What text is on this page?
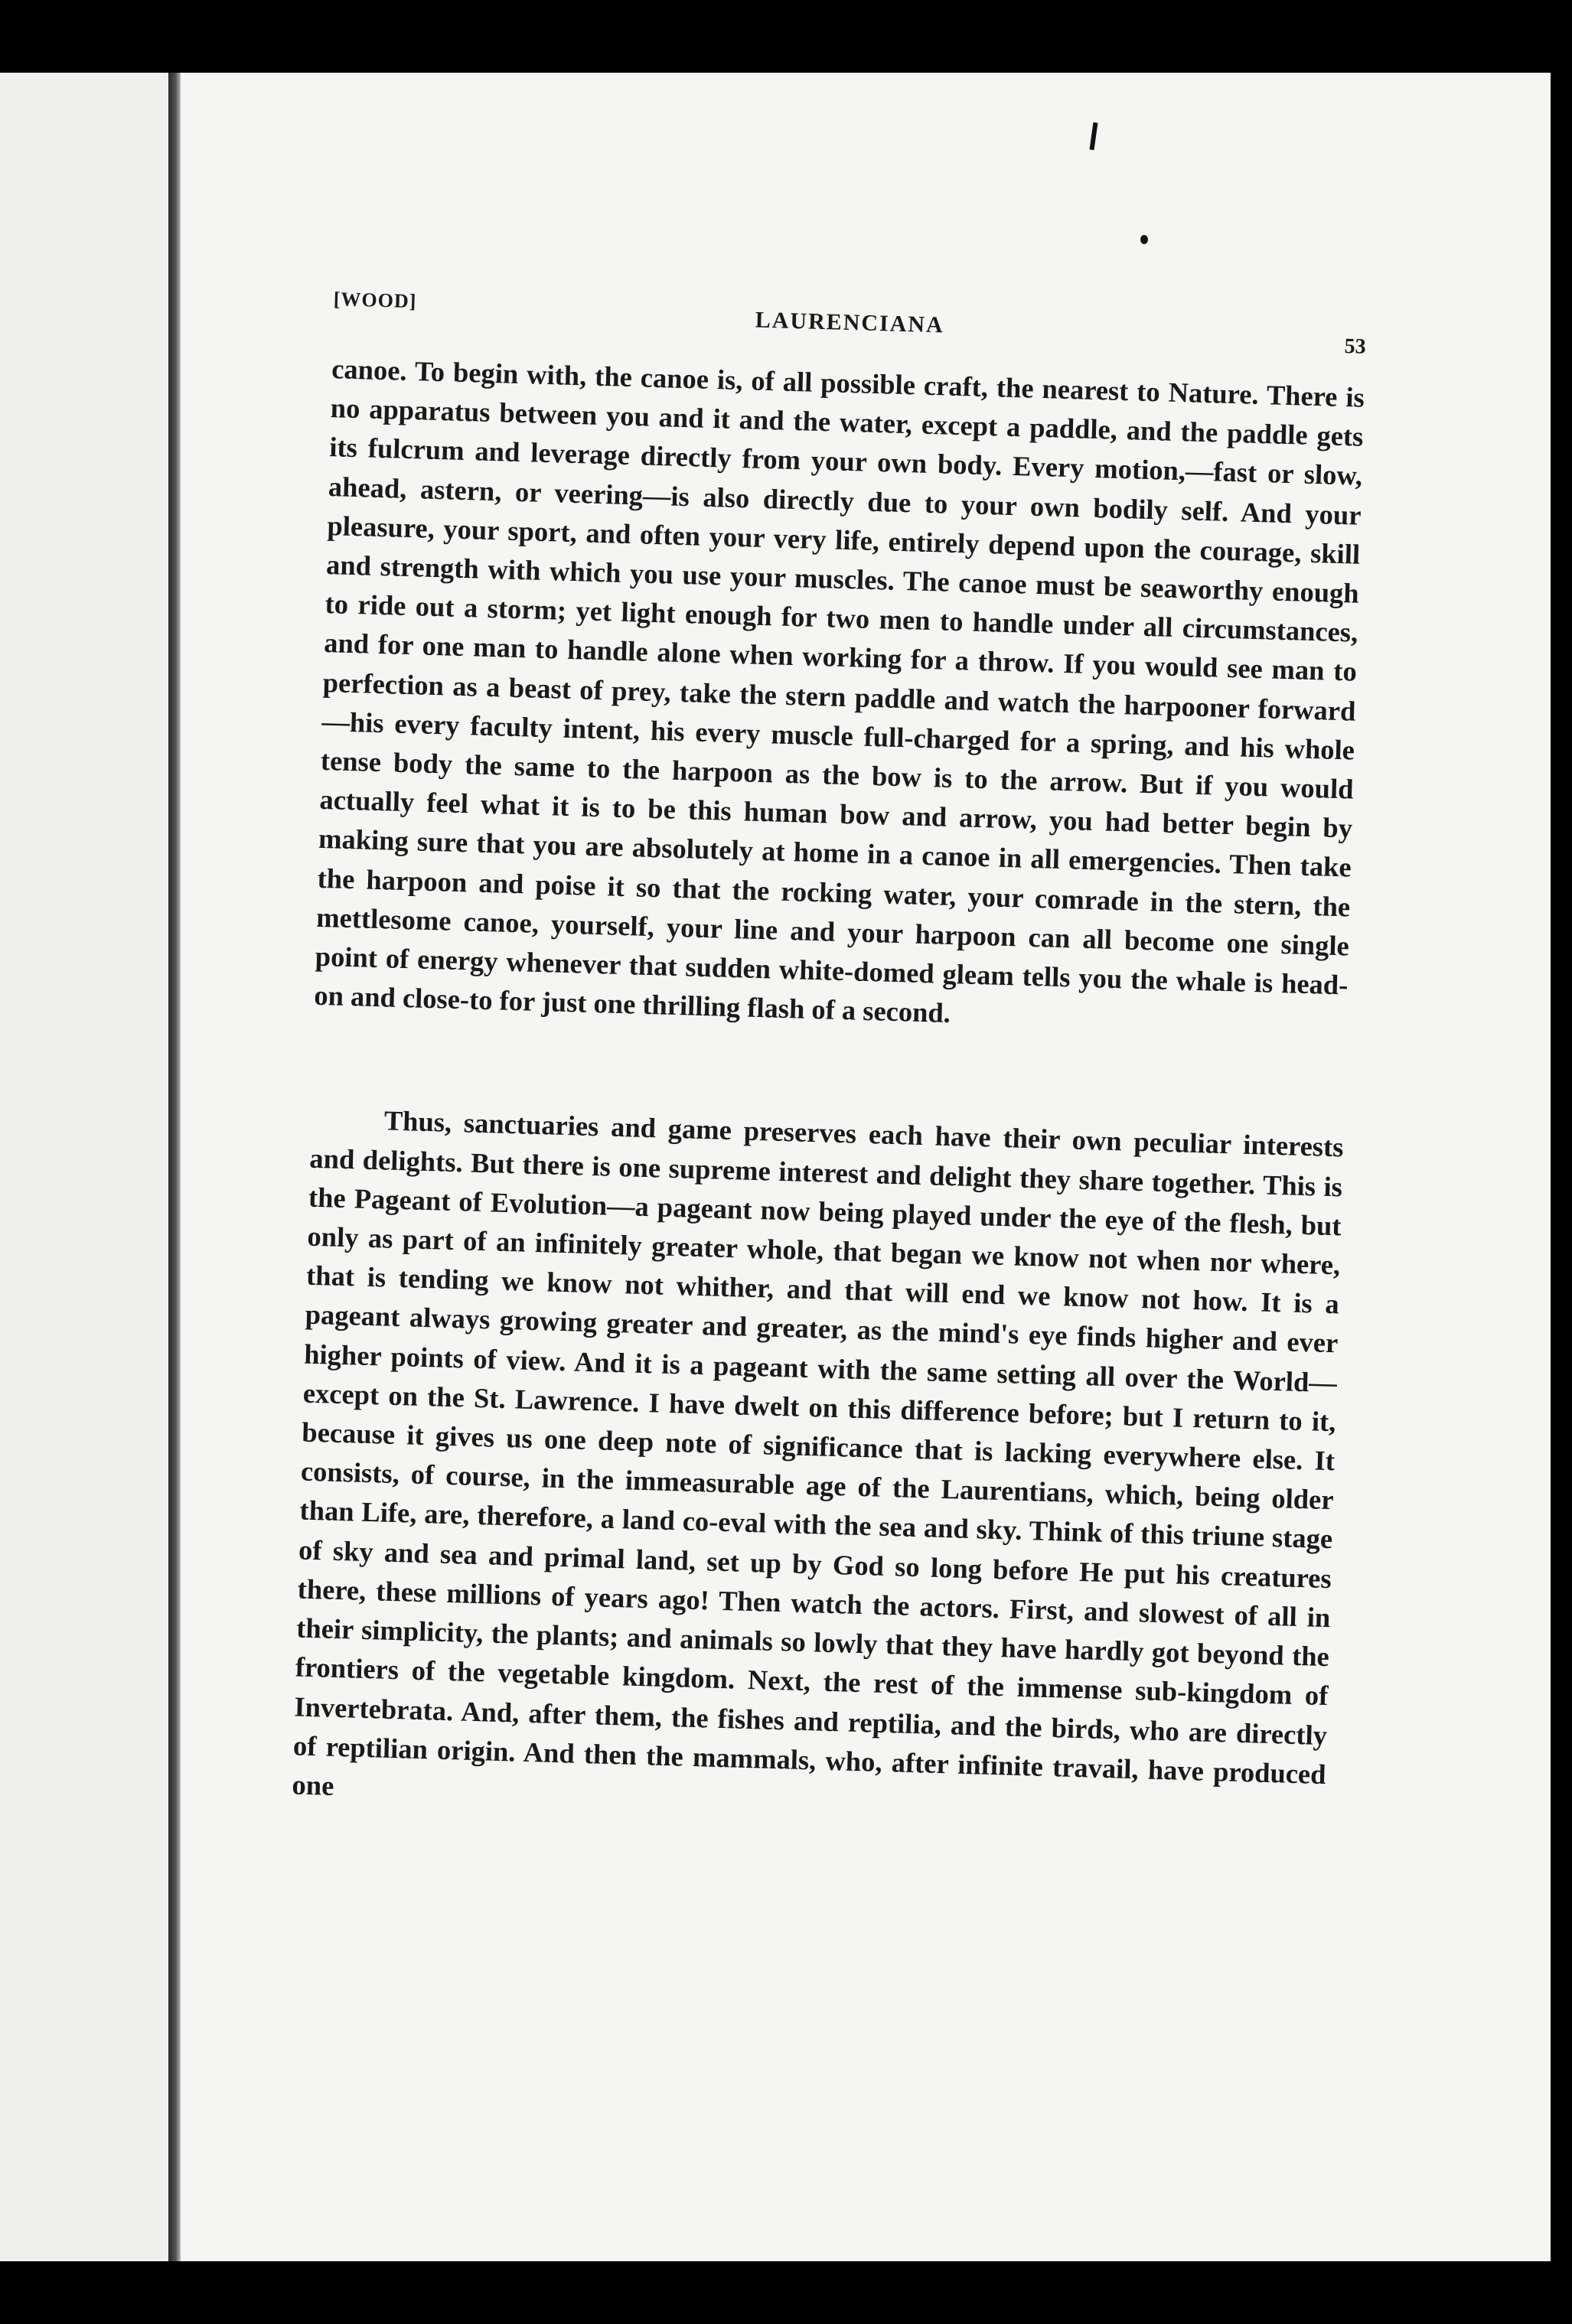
[WOOD]
LAURENCIANA
53

canoe. To begin with, the canoe is, of all possible craft, the nearest to Nature. There is no apparatus between you and it and the water, except a paddle, and the paddle gets its fulcrum and leverage directly from your own body. Every motion,—fast or slow, ahead, astern, or veering—is also directly due to your own bodily self. And your pleasure, your sport, and often your very life, entirely depend upon the courage, skill and strength with which you use your muscles. The canoe must be seaworthy enough to ride out a storm; yet light enough for two men to handle under all circumstances, and for one man to handle alone when working for a throw. If you would see man to perfection as a beast of prey, take the stern paddle and watch the harpooner forward—his every faculty intent, his every muscle full-charged for a spring, and his whole tense body the same to the harpoon as the bow is to the arrow. But if you would actually feel what it is to be this human bow and arrow, you had better begin by making sure that you are absolutely at home in a canoe in all emergencies. Then take the harpoon and poise it so that the rocking water, your comrade in the stern, the mettlesome canoe, yourself, your line and your harpoon can all become one single point of energy whenever that sudden white-domed gleam tells you the whale is head-on and close-to for just one thrilling flash of a second.

Thus, sanctuaries and game preserves each have their own peculiar interests and delights. But there is one supreme interest and delight they share together. This is the Pageant of Evolution—a pageant now being played under the eye of the flesh, but only as part of an infinitely greater whole, that began we know not when nor where, that is tending we know not whither, and that will end we know not how. It is a pageant always growing greater and greater, as the mind's eye finds higher and ever higher points of view. And it is a pageant with the same setting all over the World—except on the St. Lawrence. I have dwelt on this difference before; but I return to it, because it gives us one deep note of significance that is lacking everywhere else. It consists, of course, in the immeasurable age of the Laurentians, which, being older than Life, are, therefore, a land co-eval with the sea and sky. Think of this triune stage of sky and sea and primal land, set up by God so long before He put his creatures there, these millions of years ago! Then watch the actors. First, and slowest of all in their simplicity, the plants; and animals so lowly that they have hardly got beyond the frontiers of the vegetable kingdom. Next, the rest of the immense sub-kingdom of Invertebrata. And, after them, the fishes and reptilia, and the birds, who are directly of reptilian origin. And then the mammals, who, after infinite travail, have produced one
